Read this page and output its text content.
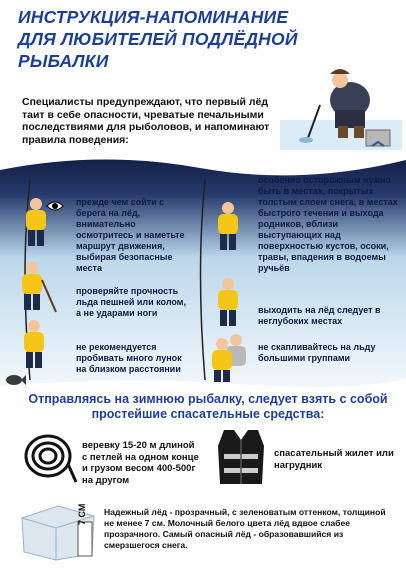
ИНСТРУКЦИЯ-НАПОМИНАНИЕ
ДЛЯ ЛЮБИТЕЛЕЙ ПОДЛЁДНОЙ
РЫБАЛКИ
Специалисты предупреждают, что первый лёд таит в себе опасности, чреватые печальными последствиями для рыболовов, и напоминают правила поведения:
прежде чем сойти с берега на лёд, внимательно осмотритесь и наметьте маршрут движения, выбирая безопасные места
проверяйте прочность льда пешней или колом, а не ударами ноги
не рекомендуется пробивать много лунок на близком расстоянии
особенно осторожным нужно быть в местах, покрытых толстым слоем снега, в местах быстрого течения и выхода родников, вблизи выступающих над поверхностью кустов, осоки, травы, впадения в водоемы ручьёв
выходить на лёд следует в неглубоких местах
не скапливайтесь на льду большими группами
Отправляясь на зимнюю рыбалку, следует взять с собой простейшие спасательные средства:
веревку 15-20 м длиной с петлей на одном конце и грузом весом 400-500г на другом
спасательный жилет или нагрудник
7 СМ Надежный лёд - прозрачный, с зеленоватым оттенком, толщиной не менее 7 см. Молочный белого цвета лёд вдвое слабее прозрачного. Самый опасный лёд - образовавшийся из смерзшегося снега.
